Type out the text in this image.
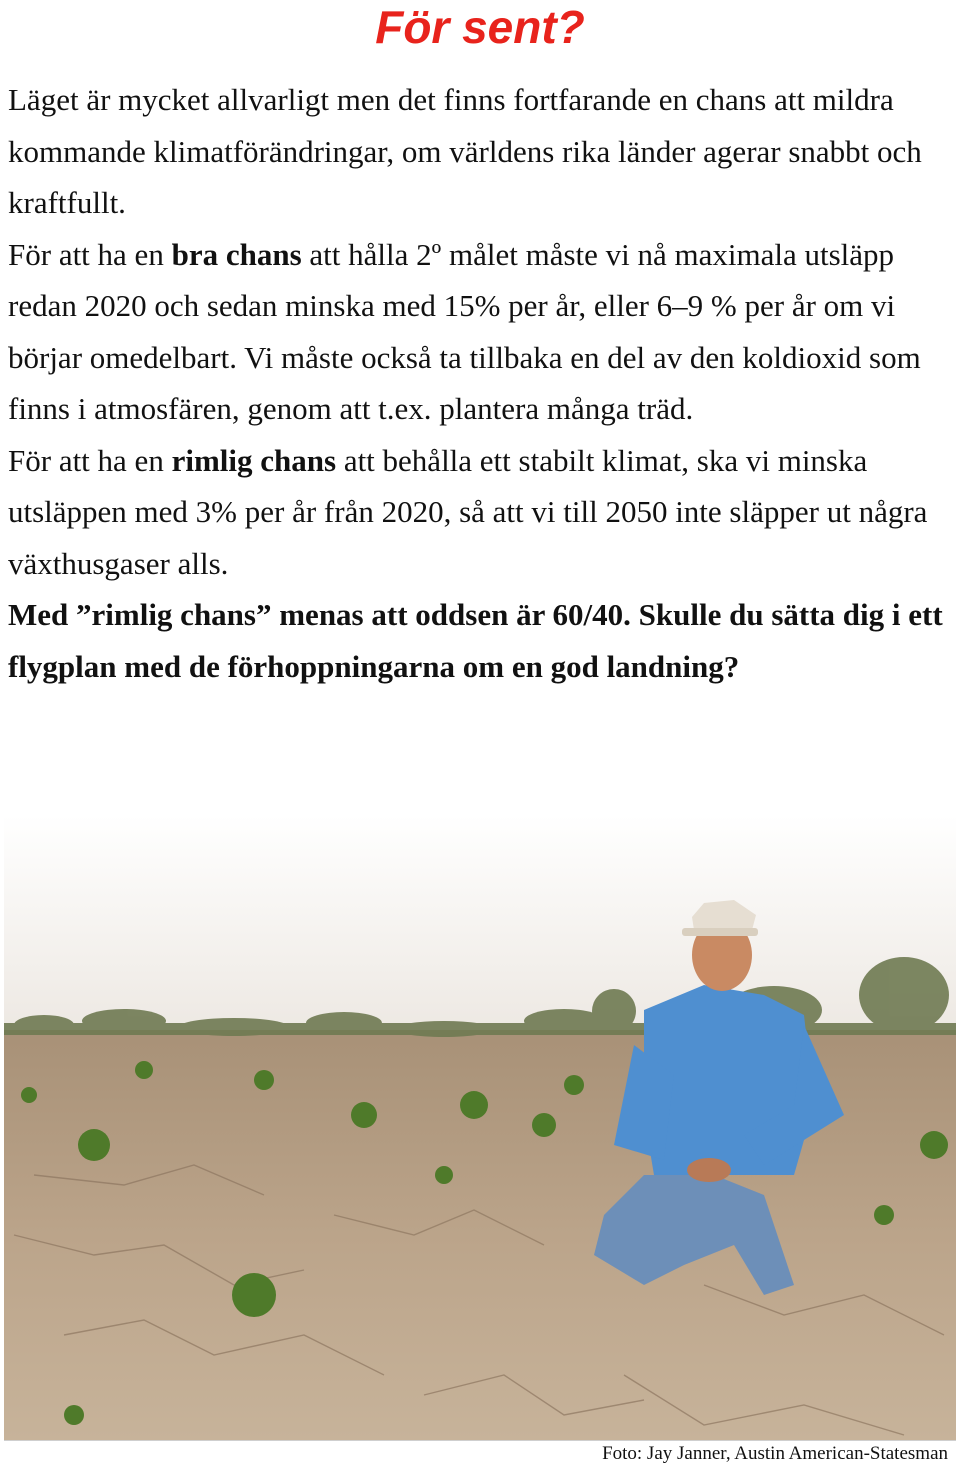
För sent?

Läget är mycket allvarligt men det finns fortfarande en chans att mildra kommande klimatförändringar, om världens rika länder agerar snabbt och kraftfullt.

För att ha en bra chans att hålla 2º målet måste vi nå maximala utsläpp redan 2020 och sedan minska med 15% per år, eller 6–9 % per år om vi börjar omedelbart. Vi måste också ta tillbaka en del av den koldioxid som finns i atmosfären, genom att t.ex. plantera många träd.

För att ha en rimlig chans att behålla ett stabilt klimat, ska vi minska utsläppen med 3% per år från 2020, så att vi till 2050 inte släpper ut några växthusgaser alls.

Med ”rimlig chans” menas att oddsen är 60/40. Skulle du sätta dig i ett flygplan med de förhoppningarna om en god landning?

Foto: Jay Janner, Austin American-Statesman
